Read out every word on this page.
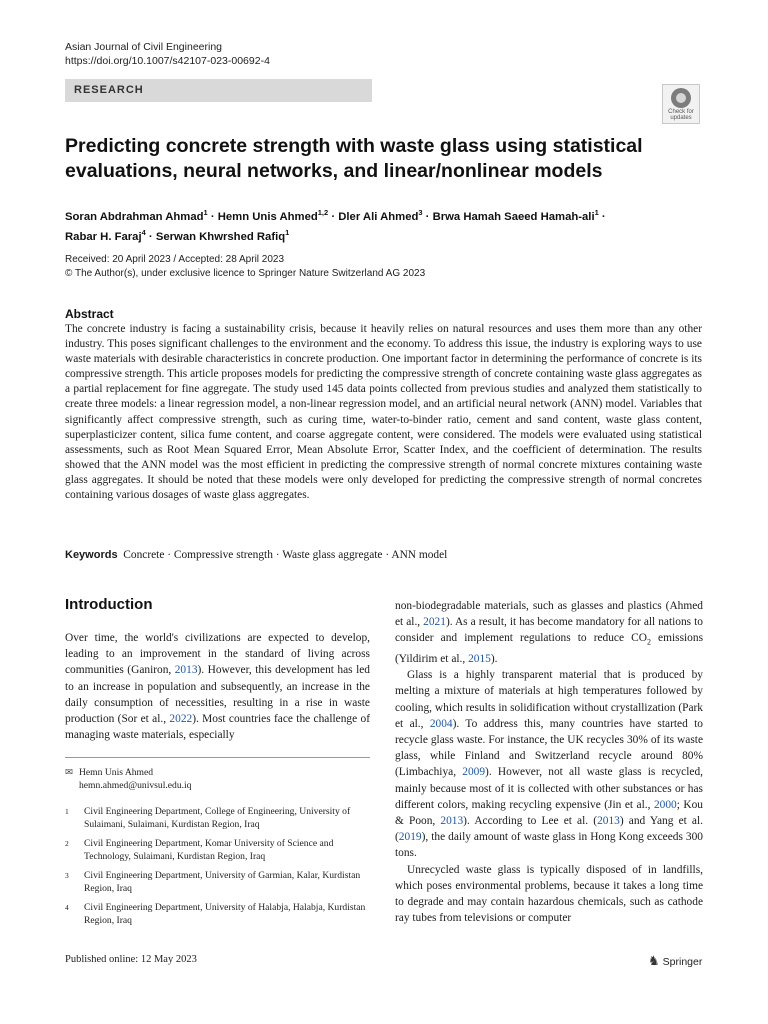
Asian Journal of Civil Engineering
https://doi.org/10.1007/s42107-023-00692-4
RESEARCH
Check for
updates
Predicting concrete strength with waste glass using statistical
evaluations, neural networks, and linear/nonlinear models
Soran Abdrahman Ahmad$^1$ · Hemn Unis Ahmed$^{1,2}$ · Dler Ali Ahmed$^3$ · Brwa Hamah Saeed Hamah-ali$^1$ ·
Rabar H. Faraj$^4$ · Serwan Khwrshed Rafiq$^1$
Received: 20 April 2023 / Accepted: 28 April 2023
© The Author(s), under exclusive licence to Springer Nature Switzerland AG 2023
Abstract
The concrete industry is facing a sustainability crisis, because it heavily relies on natural resources and uses them more than any other industry. This poses significant challenges to the environment and the economy. To address this issue, the industry is exploring ways to use waste materials with desirable characteristics in concrete production. One important factor in determining the performance of concrete is its compressive strength. This article proposes models for predicting the compressive strength of concrete containing waste glass aggregates as a partial replacement for fine aggregate. The study used 145 data points collected from previous studies and analyzed them statistically to create three models: a linear regression model, a non-linear regression model, and an artificial neural network (ANN) model. Variables that significantly affect compressive strength, such as curing time, water-to-binder ratio, cement and sand content, waste glass content, superplasticizer content, silica fume content, and coarse aggregate content, were considered. The models were evaluated using statistical assessments, such as Root Mean Squared Error, Mean Absolute Error, Scatter Index, and the coefficient of determination. The results showed that the ANN model was the most efficient in predicting the compressive strength of normal concrete mixtures containing waste glass aggregates. It should be noted that these models were only developed for predicting the compressive strength of normal concretes containing various dosages of waste glass aggregates.
Keywords Concrete · Compressive strength · Waste glass aggregate · ANN model
Introduction
Over time, the world's civilizations are expected to develop, leading to an improvement in the standard of living across communities (Ganiron, 2013). However, this development has led to an increase in population and subsequently, an increase in the daily consumption of necessities, resulting in a rise in waste production (Sor et al., 2022). Most countries face the challenge of managing waste materials, especially

non-biodegradable materials, such as glasses and plastics (Ahmed et al., 2021). As a result, it has become mandatory for all nations to consider and implement regulations to reduce $CO_2$ emissions (Yildirim et al., 2015).

Glass is a highly transparent material that is produced by melting a mixture of materials at high temperatures followed by cooling, which results in solidification without crystallization (Park et al., 2004). To address this, many countries have started to recycle glass waste. For instance, the UK recycles 30% of its waste glass, while Finland and Switzerland recycle around 80% (Limbachiya, 2009). However, not all waste glass is recycled, mainly because most of it is collected with other substances or has different colors, making recycling expensive (Jin et al., 2000; Kou & Poon, 2013). According to Lee et al. (2013) and Yang et al. (2019), the daily amount of waste glass in Hong Kong exceeds 300 tons.

Unrecycled waste glass is typically disposed of in landfills, which poses environmental problems, because it takes a long time to degrade and may contain hazardous chemicals, such as cathode ray tubes from televisions or computer

✉ Hemn Unis Ahmed
hemn.ahmed@univsul.edu.iq
1 Civil Engineering Department, College of Engineering, University of Sulaimani, Sulaimani, Kurdistan Region, Iraq
2 Civil Engineering Department, Komar University of Science and Technology, Sulaimani, Kurdistan Region, Iraq
3 Civil Engineering Department, University of Garmian, Kalar, Kurdistan Region, Iraq
4 Civil Engineering Department, University of Halabja, Halabja, Kurdistan Region, Iraq
Published online: 12 May 2023	♞ Springer
